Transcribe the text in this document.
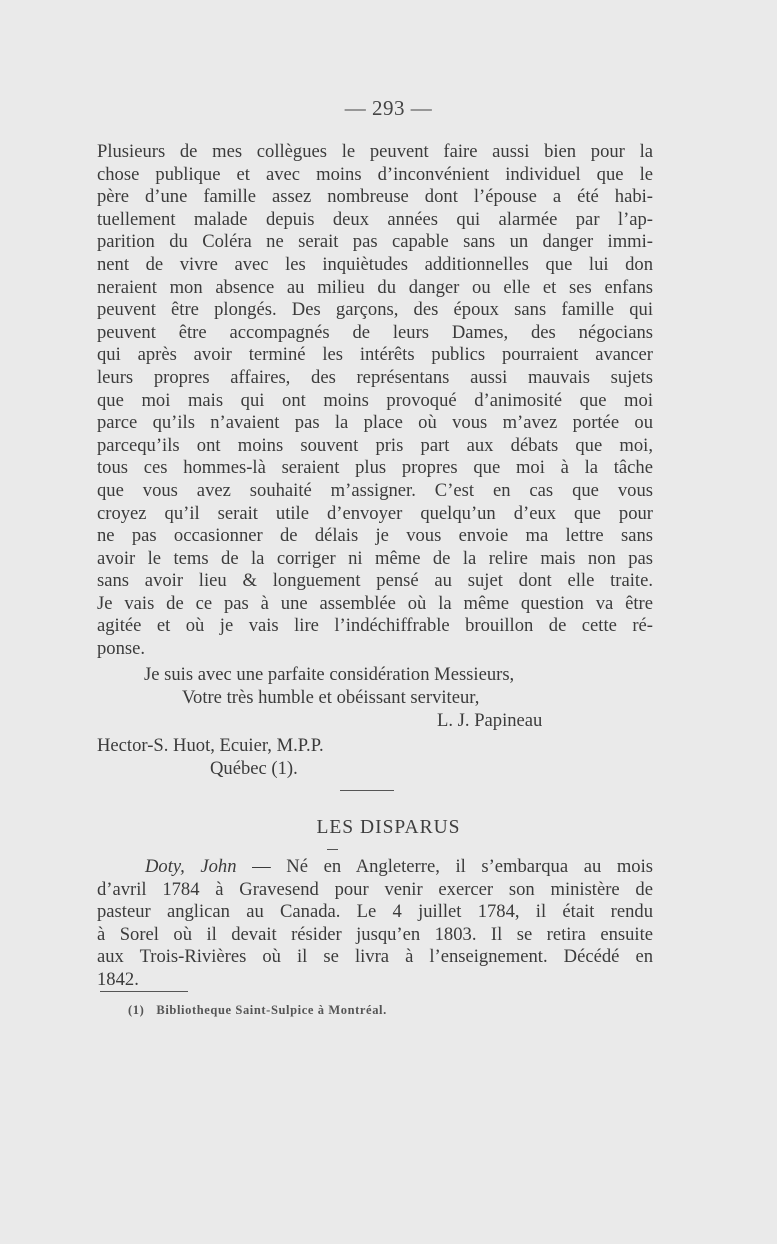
— 293 —
Plusieurs de mes collègues le peuvent faire aussi bien pour la
chose publique et avec moins d’inconvénient individuel que le
père d’une famille assez nombreuse dont l’épouse a été habi-
tuellement malade depuis deux années qui alarmée par l’ap-
parition du Coléra ne serait pas capable sans un danger immi-
nent de vivre avec les inquiètudes additionnelles que lui don
neraient mon absence au milieu du danger ou elle et ses enfans
peuvent être plongés. Des garçons, des époux sans famille qui
peuvent être accompagnés de leurs Dames, des négocians
qui après avoir terminé les intérêts publics pourraient avancer
leurs propres affaires, des représentans aussi mauvais sujets
que moi mais qui ont moins provoqué d’animosité que moi
parce qu’ils n’avaient pas la place où vous m’avez portée ou
parcequ’ils ont moins souvent pris part aux débats que moi,
tous ces hommes-là seraient plus propres que moi à la tâche
que vous avez souhaité m’assigner. C’est en cas que vous
croyez qu’il serait utile d’envoyer quelqu’un d’eux que pour
ne pas occasionner de délais je vous envoie ma lettre sans
avoir le tems de la corriger ni même de la relire mais non pas
sans avoir lieu & longuement pensé au sujet dont elle traite.
Je vais de ce pas à une assemblée où la même question va être
agitée et où je vais lire l’indéchiffrable brouillon de cette ré-
ponse.
Je suis avec une parfaite considération Messieurs,
Votre très humble et obéissant serviteur,
L. J. Papineau
Hector-S. Huot, Ecuier, M.P.P.
Québec (1).
LES DISPARUS
Doty, John — Né en Angleterre, il s’embarqua au mois
d’avril 1784 à Gravesend pour venir exercer son ministère de
pasteur anglican au Canada. Le 4 juillet 1784, il était rendu
à Sorel où il devait résider jusqu’en 1803. Il se retira ensuite
aux Trois-Rivières où il se livra à l’enseignement. Décédé en
1842.
(1) Bibliotheque Saint-Sulpice à Montréal.
